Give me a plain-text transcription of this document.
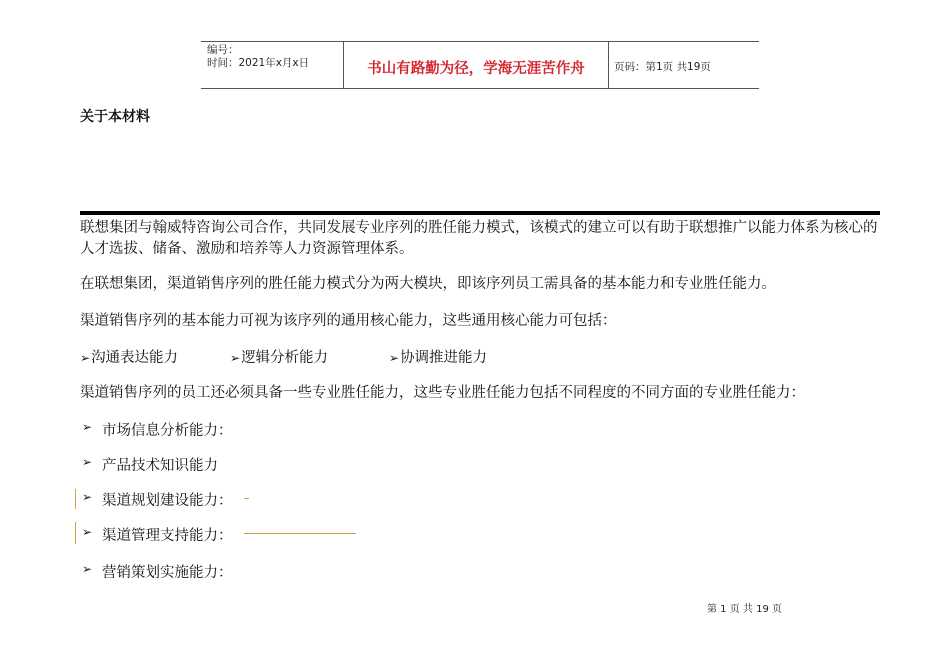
编号：
时间：2021年x月x日	书山有路勤为径，学海无涯苦作舟	页码：第1页 共19页
关于本材料
联想集团与翰威特咨询公司合作，共同发展专业序列的胜任能力模式，该模式的建立可以有助于联想推广以能力体系为核心的人才选拔、储备、激励和培养等人力资源管理体系。
在联想集团，渠道销售序列的胜任能力模式分为两大模块，即该序列员工需具备的基本能力和专业胜任能力。
渠道销售序列的基本能力可视为该序列的通用核心能力，这些通用核心能力可包括：
➢沟通表达能力	➢逻辑分析能力	➢协调推进能力
渠道销售序列的员工还必须具备一些专业胜任能力，这些专业胜任能力包括不同程度的不同方面的专业胜任能力：
➢ 市场信息分析能力：
➢ 产品技术知识能力
➢ 渠道规划建设能力：
➢ 渠道管理支持能力：
➢ 营销策划实施能力：
第 1 页 共 19 页
